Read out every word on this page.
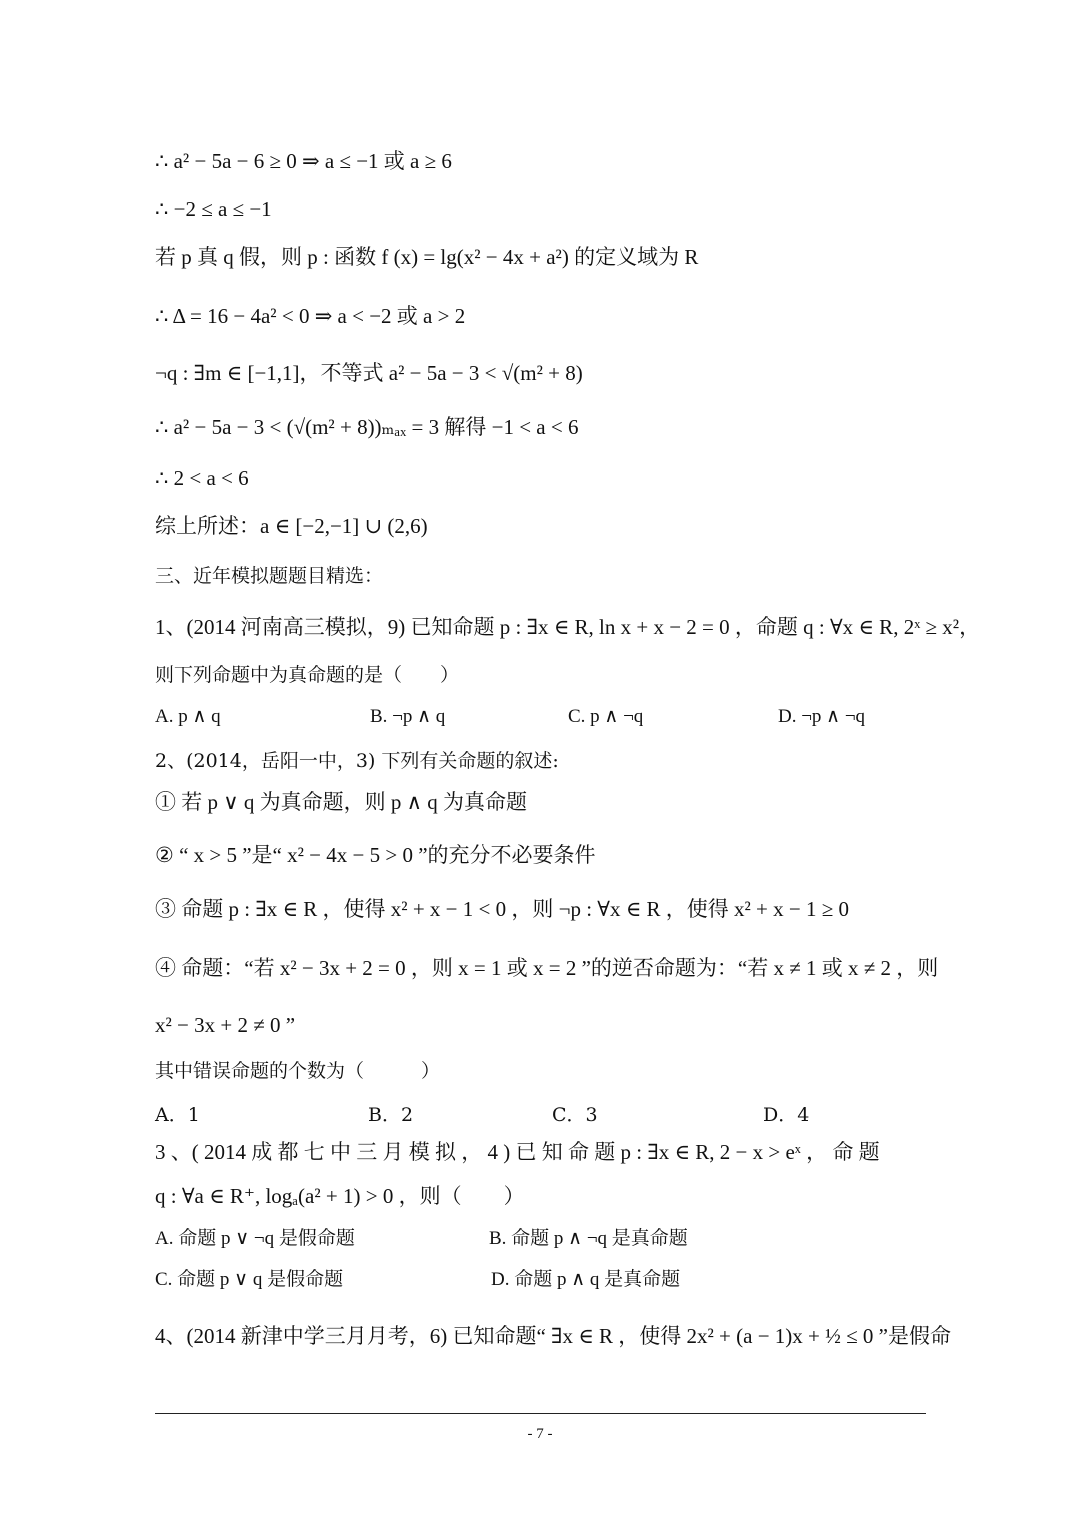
∴ a² − 5a − 6 ≥ 0 ⇒ a ≤ −1 或 a ≥ 6
∴ −2 ≤ a ≤ −1
若 p 真 q 假，则 p : 函数 f (x) = lg(x² − 4x + a²) 的定义域为 R
∴ Δ = 16 − 4a² < 0 ⇒ a < −2 或 a > 2
¬q : ∃m ∈ [−1,1]，不等式 a² − 5a − 3 < √(m² + 8)
∴ a² − 5a − 3 < (√(m² + 8))ₘₐₓ = 3 解得 −1 < a < 6
∴ 2 < a < 6
综上所述：a ∈ [−2,−1] ∪ (2,6)
三、近年模拟题题目精选：
1、(2014 河南高三模拟，9) 已知命题 p : ∃x ∈ R, ln x + x − 2 = 0 ，命题 q : ∀x ∈ R, 2ˣ ≥ x²，
则下列命题中为真命题的是（　　）
A. p ∧ q	B. ¬p ∧ q	C. p ∧ ¬q	D. ¬p ∧ ¬q
2、(2014，岳阳一中，3) 下列有关命题的叙述:
① 若 p ∨ q 为真命题，则 p ∧ q 为真命题
② “ x > 5 ”是“ x² − 4x − 5 > 0 ”的充分不必要条件
③ 命题 p : ∃x ∈ R ，使得 x² + x − 1 < 0 ，则 ¬p : ∀x ∈ R ，使得 x² + x − 1 ≥ 0
④ 命题：“若 x² − 3x + 2 = 0 ，则 x = 1 或 x = 2 ”的逆否命题为：“若 x ≠ 1 或 x ≠ 2 ，则
x² − 3x + 2 ≠ 0 ”
其中错误命题的个数为（　　　）
A．1	B．2	C．3	D．4
3 、( 2014 成 都 七 中 三 月 模 拟 ， 4 ) 已 知 命 题 p : ∃x ∈ R, 2 − x > eˣ ， 命 题
q : ∀a ∈ R⁺, logₐ(a² + 1) > 0 ，则（　　）
A. 命题 p ∨ ¬q 是假命题	B. 命题 p ∧ ¬q 是真命题
C. 命题 p ∨ q 是假命题	D. 命题 p ∧ q 是真命题
4、(2014 新津中学三月月考，6) 已知命题“ ∃x ∈ R ，使得 2x² + (a − 1)x + ½ ≤ 0 ”是假命
- 7 -
